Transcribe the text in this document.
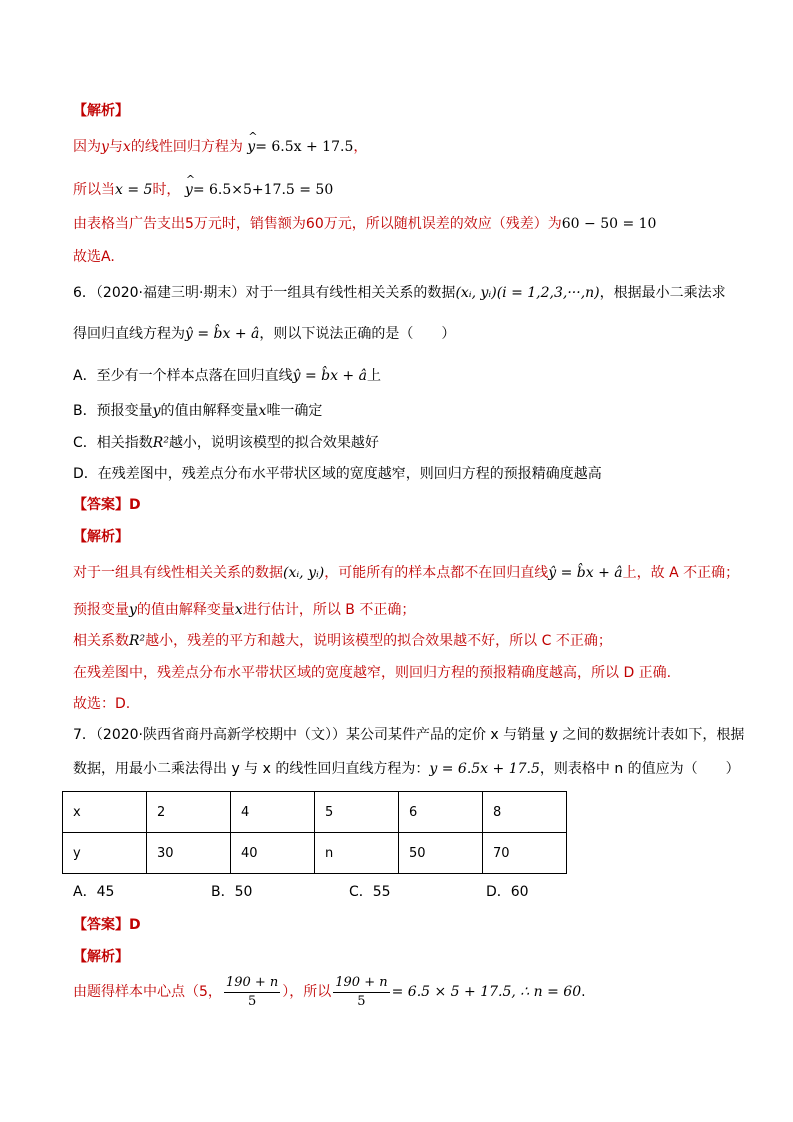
【解析】
因为y与x的线性回归方程为
^
y= 6.5x + 17.5，
所以当x = 5时，
^
y= 6.5×5+17.5 = 50
由表格当广告支出5万元时，销售额为60万元，所以随机误差的效应（残差）为60 − 50 = 10
故选A.
6．（2020·福建三明·期末）对于一组具有线性相关关系的数据(xᵢ, yᵢ)(i = 1,2,3,···,n)，根据最小二乘法求
得回归直线方程为ŷ = b̂x + â，则以下说法正确的是（　　）
A．至少有一个样本点落在回归直线ŷ = b̂x + â上
B．预报变量y的值由解释变量x唯一确定
C．相关指数R²越小，说明该模型的拟合效果越好
D．在残差图中，残差点分布水平带状区域的宽度越窄，则回归方程的预报精确度越高
【答案】D
【解析】
对于一组具有线性相关关系的数据(xᵢ, yᵢ)，可能所有的样本点都不在回归直线ŷ = b̂x + â上，故 A 不正确；
预报变量y的值由解释变量x进行估计，所以 B 不正确；
相关系数R²越小，残差的平方和越大，说明该模型的拟合效果越不好，所以 C 不正确；
在残差图中，残差点分布水平带状区域的宽度越窄，则回归方程的预报精确度越高，所以 D 正确.
故选：D.
7．（2020·陕西省商丹高新学校期中（文））某公司某件产品的定价 x 与销量 y 之间的数据统计表如下，根据
数据，用最小二乘法得出 y 与 x 的线性回归直线方程为：y = 6.5x + 17.5，则表格中 n 的值应为（　　）
x	2	4	5	6	8
y	30	40	n	50	70
A．45	B．50	C．55	D．60
【答案】D
【解析】
由题得样本中心点（5， $\frac{190 + n}{5}$ ），所以 $\frac{190 + n}{5} = 6.5 \times 5 + 17.5$, ∴ n = 60.
